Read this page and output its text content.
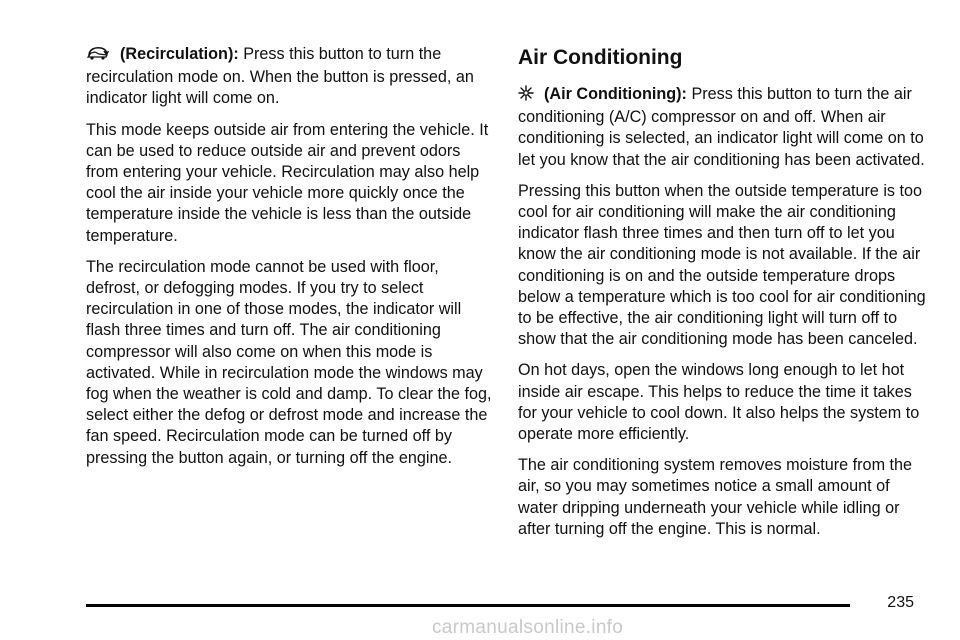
(Recirculation): Press this button to turn the recirculation mode on. When the button is pressed, an indicator light will come on.

This mode keeps outside air from entering the vehicle. It can be used to reduce outside air and prevent odors from entering your vehicle. Recirculation may also help cool the air inside your vehicle more quickly once the temperature inside the vehicle is less than the outside temperature.

The recirculation mode cannot be used with floor, defrost, or defogging modes. If you try to select recirculation in one of those modes, the indicator will flash three times and turn off. The air conditioning compressor will also come on when this mode is activated. While in recirculation mode the windows may fog when the weather is cold and damp. To clear the fog, select either the defog or defrost mode and increase the fan speed. Recirculation mode can be turned off by pressing the button again, or turning off the engine.

Air Conditioning

(Air Conditioning): Press this button to turn the air conditioning (A/C) compressor on and off. When air conditioning is selected, an indicator light will come on to let you know that the air conditioning has been activated.

Pressing this button when the outside temperature is too cool for air conditioning will make the air conditioning indicator flash three times and then turn off to let you know the air conditioning mode is not available. If the air conditioning is on and the outside temperature drops below a temperature which is too cool for air conditioning to be effective, the air conditioning light will turn off to show that the air conditioning mode has been canceled.

On hot days, open the windows long enough to let hot inside air escape. This helps to reduce the time it takes for your vehicle to cool down. It also helps the system to operate more efficiently.

The air conditioning system removes moisture from the air, so you may sometimes notice a small amount of water dripping underneath your vehicle while idling or after turning off the engine. This is normal.

235
carmanualsonline.info
